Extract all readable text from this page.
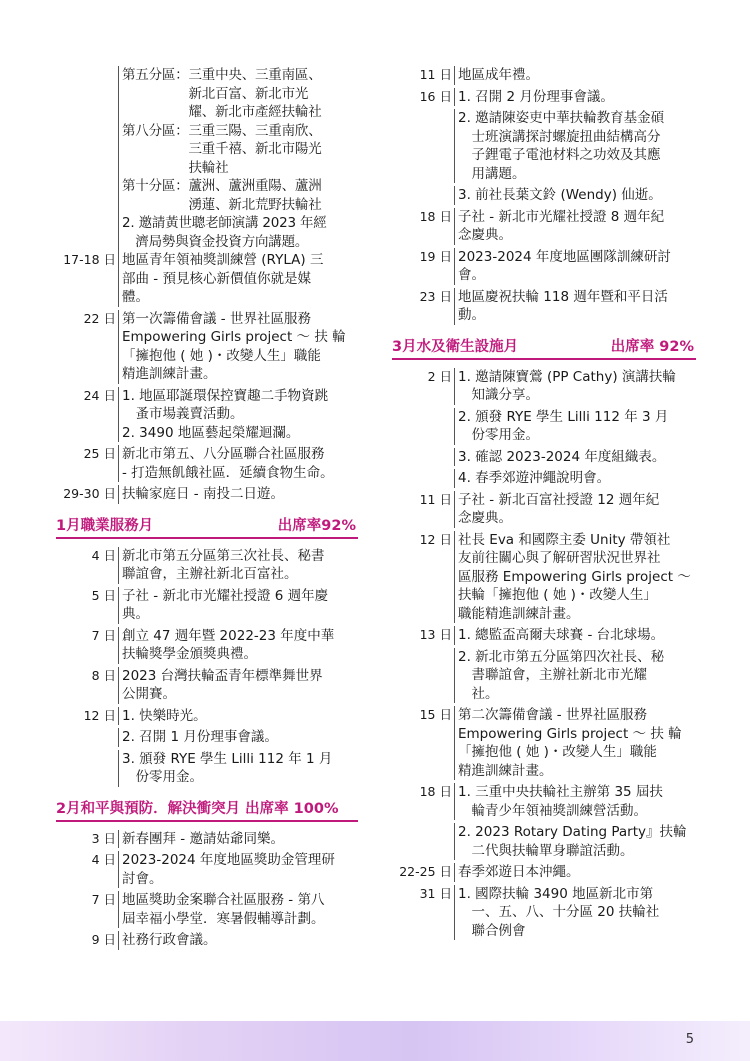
第五分區：三重中央、三重南區、
　　　　　新北百富、新北市光
　　　　　耀、新北市產經扶輪社
第八分區：三重三陽、三重南欣、
　　　　　三重千禧、新北市陽光
　　　　　扶輪社
第十分區：蘆洲、蘆洲重陽、蘆洲
　　　　　湧蓮、新北荒野扶輪社
2. 邀請黃世聰老師演講 2023 年經
　濟局勢與資金投資方向講題。
17-18 日 地區青年領袖獎訓練營 (RYLA) 三
部曲 - 預見核心新價值你就是媒
體。
22 日 第一次籌備會議 - 世界社區服務
Empowering Girls project ～ 扶 輪
「擁抱他 ( 她 )・改變人生」職能
精進訓練計畫。
24 日 1. 地區耶誕環保控寶趣二手物資跳
　蚤市場義賣活動。
2. 3490 地區藝起榮耀迴瀾。
25 日 新北市第五、八分區聯合社區服務
- 打造無飢餓社區．延續食物生命。
29-30 日 扶輪家庭日 - 南投二日遊。
1月職業服務月	出席率92%
4 日 新北市第五分區第三次社長、秘書
聯誼會，主辦社新北百富社。
5 日 子社 - 新北市光耀社授證 6 週年慶
典。
7 日 創立 47 週年暨 2022-23 年度中華
扶輪獎學金頒獎典禮。
8 日 2023 台灣扶輪盃青年標準舞世界
公開賽。
12 日 1. 快樂時光。
2. 召開 1 月份理事會議。
3. 頒發 RYE 學生 Lilli 112 年 1 月
　份零用金。
2月和平與預防．解決衝突月 出席率 100%
3 日 新春團拜 - 邀請姑爺同樂。
4 日 2023-2024 年度地區獎助金管理研
討會。
7 日 地區獎助金案聯合社區服務 - 第八
屆幸福小學堂．寒暑假輔導計劃。
9 日 社務行政會議。
11 日 地區成年禮。
16 日 1. 召開 2 月份理事會議。
2. 邀請陳姿吏中華扶輪教育基金碩
　士班演講探討螺旋扭曲結構高分
　子鋰電子電池材料之功效及其應
　用講題。
3. 前社長葉文鈴 (Wendy) 仙逝。
18 日 子社 - 新北市光耀社授證 8 週年紀
念慶典。
19 日 2023-2024 年度地區團隊訓練研討
會。
23 日 地區慶祝扶輪 118 週年暨和平日活
動。
3月水及衛生設施月	出席率 92%
2 日 1. 邀請陳寶鶯 (PP Cathy) 演講扶輪
　知識分享。
2. 頒發 RYE 學生 Lilli 112 年 3 月
　份零用金。
3. 確認 2023-2024 年度組織表。
4. 春季郊遊沖繩說明會。
11 日 子社 - 新北百富社授證 12 週年紀
念慶典。
12 日 社長 Eva 和國際主委 Unity 帶領社
友前往關心與了解研習狀況世界社
區服務 Empowering Girls project ～
扶輪「擁抱他 ( 她 )・改變人生」
職能精進訓練計畫。
13 日 1. 總監盃高爾夫球賽 - 台北球場。
2. 新北市第五分區第四次社長、秘
　書聯誼會，主辦社新北市光耀
　社。
15 日 第二次籌備會議 - 世界社區服務
Empowering Girls project ～ 扶 輪
「擁抱他 ( 她 )・改變人生」職能
精進訓練計畫。
18 日 1. 三重中央扶輪社主辦第 35 屆扶
　輪青少年領袖獎訓練營活動。
2. 2023 Rotary Dating Party』扶輪
　二代與扶輪單身聯誼活動。
22-25 日 春季郊遊日本沖繩。
31 日 1. 國際扶輪 3490 地區新北市第
　一、五、八、十分區 20 扶輪社
　聯合例會
5
